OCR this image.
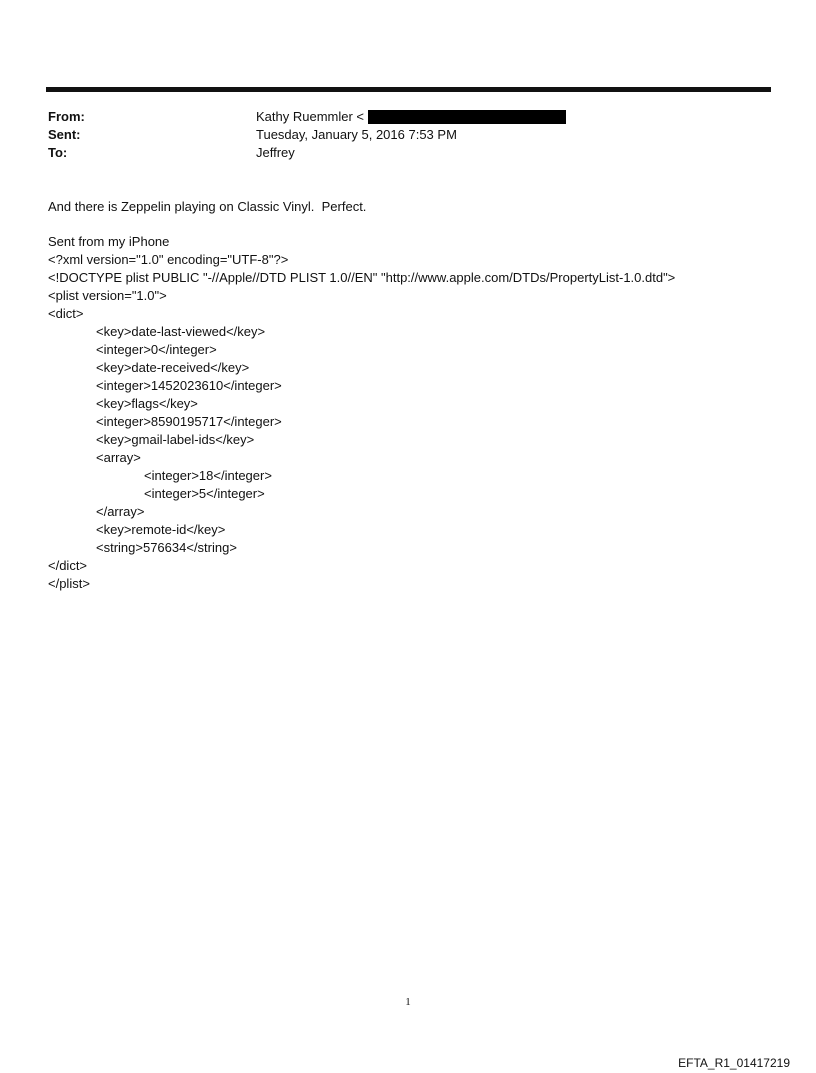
From:	Kathy Ruemmler <
Sent:	Tuesday, January 5, 2016 7:53 PM
To:	Jeffrey
And there is Zeppelin playing on Classic Vinyl.  Perfect.
Sent from my iPhone
<?xml version="1.0" encoding="UTF-8"?>
<!DOCTYPE plist PUBLIC "-//Apple//DTD PLIST 1.0//EN" "http://www.apple.com/DTDs/PropertyList-1.0.dtd">
<plist version="1.0">
<dict>
<key>date-last-viewed</key>
<integer>0</integer>
<key>date-received</key>
<integer>1452023610</integer>
<key>flags</key>
<integer>8590195717</integer>
<key>gmail-label-ids</key>
<array>
<integer>18</integer>
<integer>5</integer>
</array>
<key>remote-id</key>
<string>576634</string>
</dict>
</plist>
1
EFTA_R1_01417219
